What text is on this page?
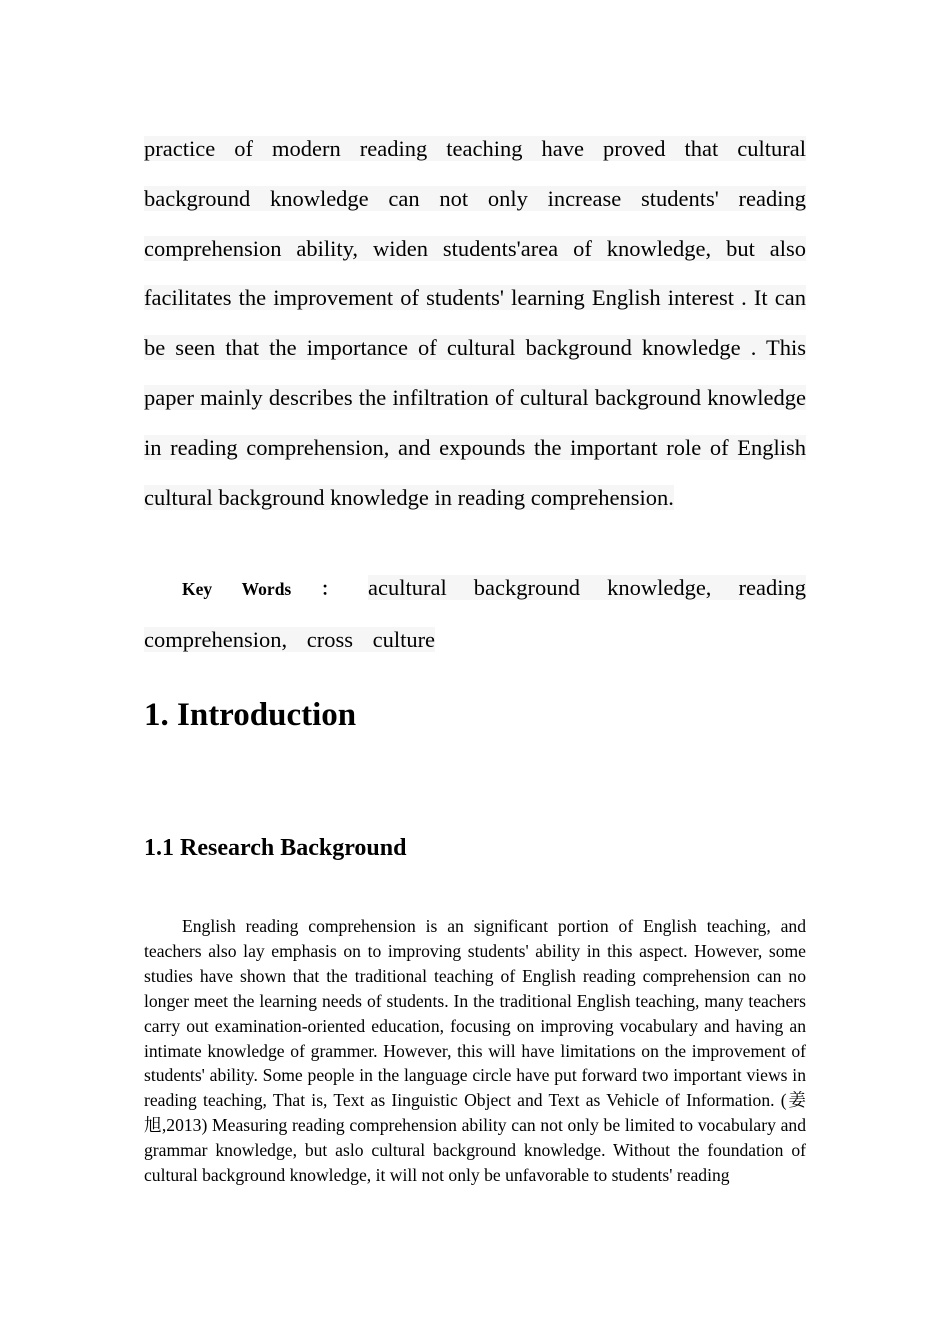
practice of modern reading teaching have proved that cultural background knowledge can not only increase students' reading comprehension ability, widen students'area of knowledge, but also facilitates the improvement of students' learning English interest . It can be seen that the importance of cultural background knowledge . This paper mainly describes the infiltration of cultural background knowledge in reading comprehension, and expounds the important role of English cultural background knowledge in reading comprehension.

Key Words ： acultural background knowledge, reading comprehension, cross culture
1. Introduction
1.1 Research Background

English reading comprehension is an significant portion of English teaching, and teachers also lay emphasis on to improving students' ability in this aspect. However, some studies have shown that the traditional teaching of English reading comprehension can no longer meet the learning needs of students. In the traditional English teaching, many teachers carry out examination-oriented education, focusing on improving vocabulary and having an intimate knowledge of grammer. However, this will have limitations on the improvement of students' ability. Some people in the language circle have put forward two important views in reading teaching, That is, Text as Iinguistic Object and Text as Vehicle of Information. (姜旭,2013) Measuring reading comprehension ability can not only be limited to vocabulary and grammar knowledge, but aslo cultural background knowledge. Without the foundation of cultural background knowledge, it will not only be unfavorable to students' reading
